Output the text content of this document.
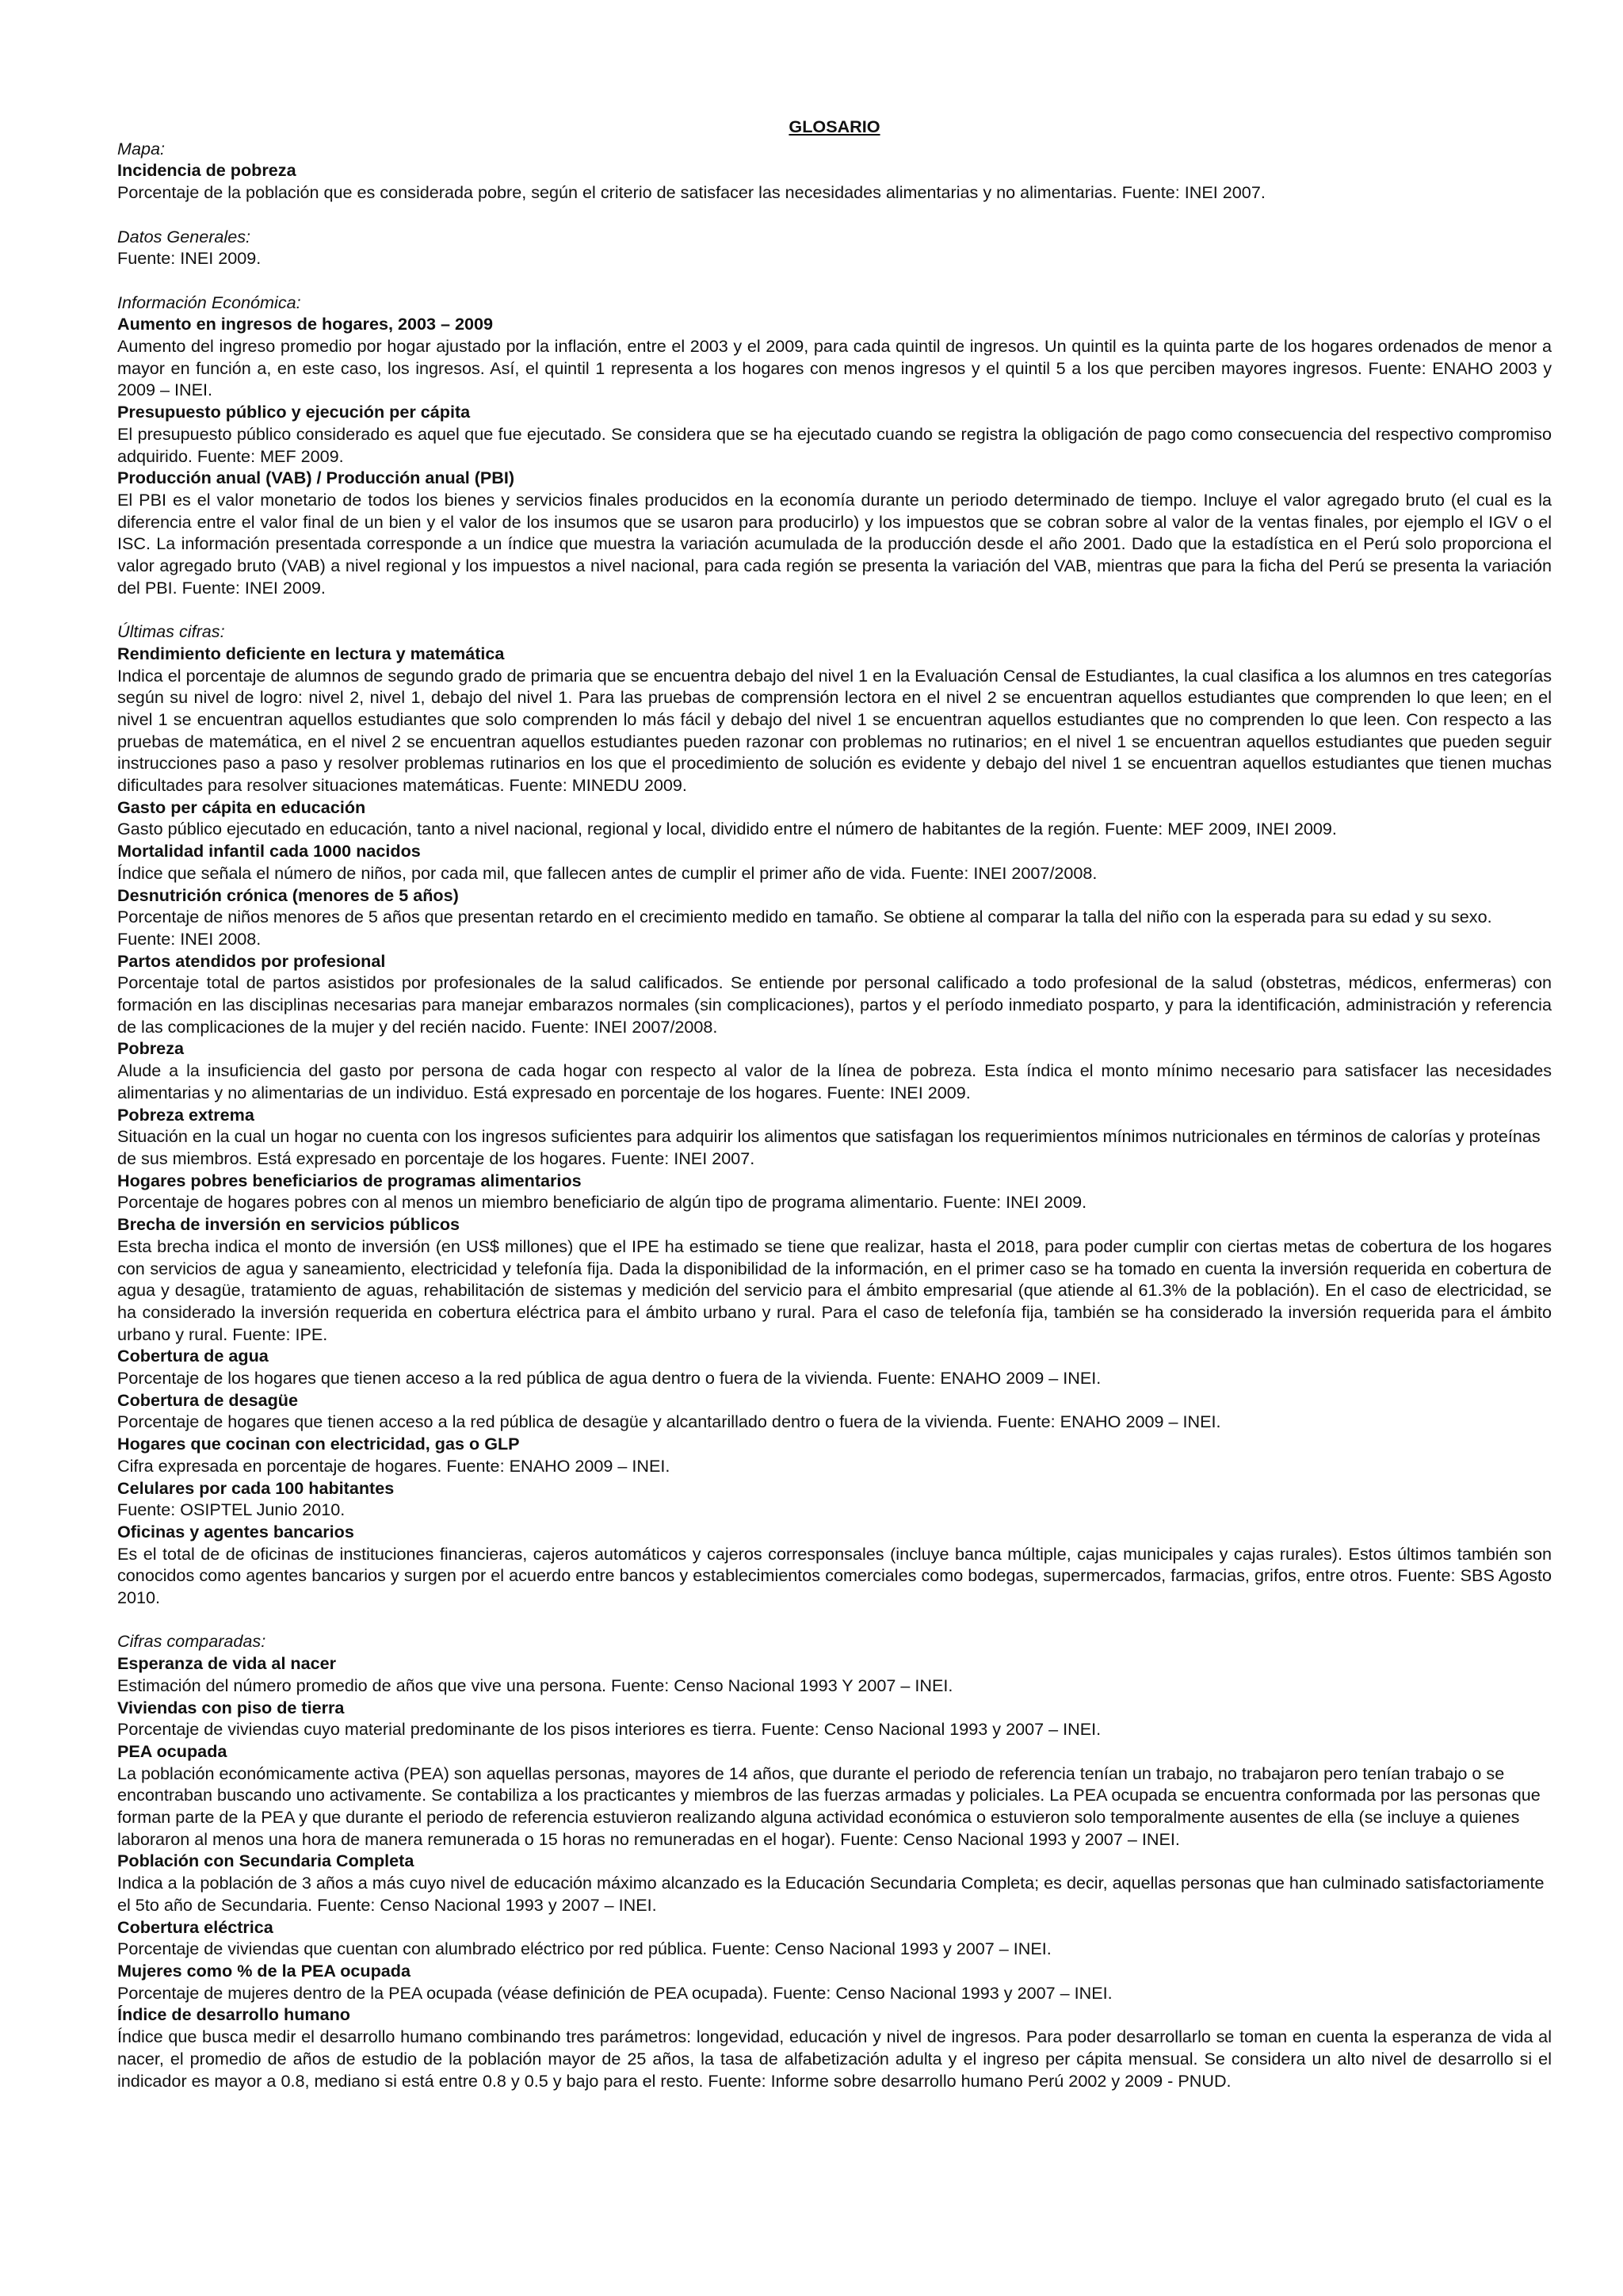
GLOSARIO

Mapa:

Incidencia de pobreza

Porcentaje de la población que es considerada pobre, según el criterio de satisfacer las necesidades alimentarias y no alimentarias. Fuente: INEI 2007.

Datos Generales:

Fuente: INEI 2009.

Información Económica:

Aumento en ingresos de hogares, 2003 – 2009

Aumento del ingreso promedio por hogar ajustado por la inflación, entre el 2003 y el 2009, para cada quintil de ingresos. Un quintil es la quinta parte de los hogares ordenados de menor a mayor en función a, en este caso, los ingresos. Así, el quintil 1 representa a los hogares con menos ingresos y el quintil 5 a los que perciben mayores ingresos. Fuente: ENAHO 2003 y 2009 – INEI.

Presupuesto público y ejecución per cápita

El presupuesto público considerado es aquel que fue ejecutado. Se considera que se ha ejecutado cuando se registra la obligación de pago como consecuencia del respectivo compromiso adquirido. Fuente: MEF 2009.

Producción anual (VAB) / Producción anual (PBI)

El PBI es el valor monetario de todos los bienes y servicios finales producidos en la economía durante un periodo determinado de tiempo. Incluye el valor agregado bruto (el cual es la diferencia entre el valor final de un bien y el valor de los insumos que se usaron para producirlo) y los impuestos que se cobran sobre al valor de la ventas finales, por ejemplo el IGV o el ISC. La información presentada corresponde a un índice que muestra la variación acumulada de la producción desde el año 2001. Dado que la estadística en el Perú solo proporciona el valor agregado bruto (VAB) a nivel regional y los impuestos a nivel nacional, para cada región se presenta la variación del VAB, mientras que para la ficha del Perú se presenta la variación del PBI. Fuente: INEI 2009.

Últimas cifras:

Rendimiento deficiente en lectura y matemática

Indica el porcentaje de alumnos de segundo grado de primaria que se encuentra debajo del nivel 1 en la Evaluación Censal de Estudiantes, la cual clasifica a los alumnos en tres categorías según su nivel de logro: nivel 2, nivel 1, debajo del nivel 1. Para las pruebas de comprensión lectora en el nivel 2 se encuentran aquellos estudiantes que comprenden lo que leen; en el nivel 1 se encuentran aquellos estudiantes que solo comprenden lo más fácil y debajo del nivel 1 se encuentran aquellos estudiantes que no comprenden lo que leen. Con respecto a las pruebas de matemática, en el nivel 2 se encuentran aquellos estudiantes pueden razonar con problemas no rutinarios; en el nivel 1 se encuentran aquellos estudiantes que pueden seguir instrucciones paso a paso y resolver problemas rutinarios en los que el procedimiento de solución es evidente y debajo del nivel 1 se encuentran aquellos estudiantes que tienen muchas dificultades para resolver situaciones matemáticas. Fuente: MINEDU 2009.

Gasto per cápita en educación

Gasto público ejecutado en educación, tanto a nivel nacional, regional y local, dividido entre el número de habitantes de la región. Fuente: MEF 2009, INEI 2009.

Mortalidad infantil cada 1000 nacidos

Índice que señala el número de niños, por cada mil, que fallecen antes de cumplir el primer año de vida. Fuente: INEI 2007/2008.

Desnutrición crónica (menores de 5 años)

Porcentaje de niños menores de 5 años que presentan retardo en el crecimiento medido en tamaño. Se obtiene al comparar la talla del niño con la esperada para su edad y su sexo. Fuente: INEI 2008.

Partos atendidos por profesional

Porcentaje total de partos asistidos por profesionales de la salud calificados. Se entiende por personal calificado a todo profesional de la salud (obstetras, médicos, enfermeras) con formación en las disciplinas necesarias para manejar embarazos normales (sin complicaciones), partos y el período inmediato posparto, y para la identificación, administración y referencia de las complicaciones de la mujer y del recién nacido. Fuente: INEI 2007/2008.

Pobreza

Alude a la insuficiencia del gasto por persona de cada hogar con respecto al valor de la línea de pobreza. Esta índica el monto mínimo necesario para satisfacer las necesidades alimentarias y no alimentarias de un individuo. Está expresado en porcentaje de los hogares. Fuente: INEI 2009.

Pobreza extrema

Situación en la cual un hogar no cuenta con los ingresos suficientes para adquirir los alimentos que satisfagan los requerimientos mínimos nutricionales en términos de calorías y proteínas de sus miembros. Está expresado en porcentaje de los hogares. Fuente: INEI 2007.

Hogares pobres beneficiarios de programas alimentarios

Porcentaje de hogares pobres con al menos un miembro beneficiario de algún tipo de programa alimentario. Fuente: INEI 2009.

Brecha de inversión en servicios públicos

Esta brecha indica el monto de inversión (en US$ millones) que el IPE ha estimado se tiene que realizar, hasta el 2018, para poder cumplir con ciertas metas de cobertura de los hogares con servicios de agua y saneamiento, electricidad y telefonía fija. Dada la disponibilidad de la información, en el primer caso se ha tomado en cuenta la inversión requerida en cobertura de agua y desagüe, tratamiento de aguas, rehabilitación de sistemas y medición del servicio para el ámbito empresarial (que atiende al 61.3% de la población). En el caso de electricidad, se ha considerado la inversión requerida en cobertura eléctrica para el ámbito urbano y rural. Para el caso de telefonía fija, también se ha considerado la inversión requerida para el ámbito urbano y rural. Fuente: IPE.

Cobertura de agua

Porcentaje de los hogares que tienen acceso a la red pública de agua dentro o fuera de la vivienda. Fuente: ENAHO 2009 – INEI.

Cobertura de desagüe

Porcentaje de hogares que tienen acceso a la red pública de desagüe y alcantarillado dentro o fuera de la vivienda. Fuente: ENAHO 2009 – INEI.

Hogares que cocinan con electricidad, gas o GLP

Cifra expresada en porcentaje de hogares. Fuente: ENAHO 2009 – INEI.

Celulares por cada 100 habitantes

Fuente: OSIPTEL Junio 2010.

Oficinas y agentes bancarios

Es el total de de oficinas de instituciones financieras, cajeros automáticos y cajeros corresponsales (incluye banca múltiple, cajas municipales y cajas rurales). Estos últimos también son conocidos como agentes bancarios y surgen por el acuerdo entre bancos y establecimientos comerciales como bodegas, supermercados, farmacias, grifos, entre otros. Fuente: SBS Agosto 2010.

Cifras comparadas:

Esperanza de vida al nacer

Estimación del número promedio de años que vive una persona. Fuente: Censo Nacional 1993 Y 2007 – INEI.

Viviendas con piso de tierra

Porcentaje de viviendas cuyo material predominante de los pisos interiores es tierra. Fuente: Censo Nacional 1993 y 2007 – INEI.

PEA ocupada

La población económicamente activa (PEA) son aquellas personas, mayores de 14 años, que durante el periodo de referencia tenían un trabajo, no trabajaron pero tenían trabajo o se encontraban buscando uno activamente. Se contabiliza a los practicantes y miembros de las fuerzas armadas y policiales. La PEA ocupada se encuentra conformada por las personas que forman parte de la PEA y que durante el periodo de referencia estuvieron realizando alguna actividad económica o estuvieron solo temporalmente ausentes de ella (se incluye a quienes laboraron al menos una hora de manera remunerada o 15 horas no remuneradas en el hogar). Fuente: Censo Nacional 1993 y 2007 – INEI.

Población con Secundaria Completa

Indica a la población de 3 años a más cuyo nivel de educación máximo alcanzado es la Educación Secundaria Completa; es decir, aquellas personas que han culminado satisfactoriamente el 5to año de Secundaria. Fuente: Censo Nacional 1993 y 2007 – INEI.

Cobertura eléctrica

Porcentaje de viviendas que cuentan con alumbrado eléctrico por red pública. Fuente: Censo Nacional 1993 y 2007 – INEI.

Mujeres como % de la PEA ocupada

Porcentaje de mujeres dentro de la PEA ocupada (véase definición de PEA ocupada). Fuente: Censo Nacional 1993 y 2007 – INEI.

Índice de desarrollo humano

Índice que busca medir el desarrollo humano combinando tres parámetros: longevidad, educación y nivel de ingresos. Para poder desarrollarlo se toman en cuenta la esperanza de vida al nacer, el promedio de años de estudio de la población mayor de 25 años, la tasa de alfabetización adulta y el ingreso per cápita mensual. Se considera un alto nivel de desarrollo si el indicador es mayor a 0.8, mediano si está entre 0.8 y 0.5 y bajo para el resto. Fuente: Informe sobre desarrollo humano Perú 2002 y 2009 - PNUD.
